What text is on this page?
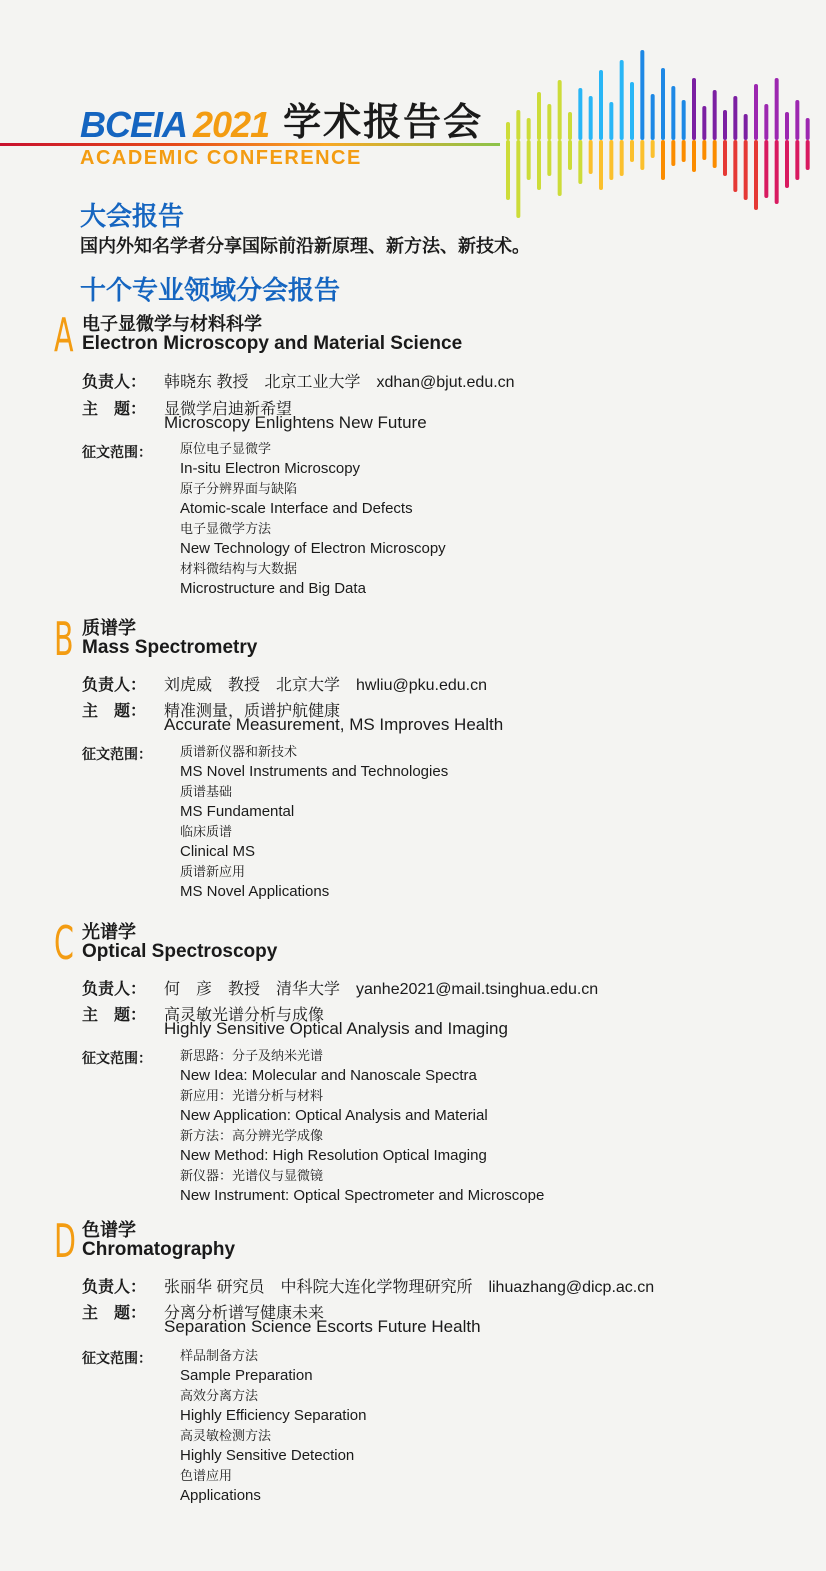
BCEIA 2021 学术报告会
ACADEMIC CONFERENCE
大会报告
国内外知名学者分享国际前沿新原理、新方法、新技术。
十个专业领域分会报告
A 电子显微学与材料科学
Electron Microscopy and Material Science
负责人： 韩晓东 教授　北京工业大学　xdhan@bjut.edu.cn
主　题： 显微学启迪新希望
Microscopy Enlightens New Future
征文范围： 原位电子显微学
In-situ Electron Microscopy
原子分辨界面与缺陷
Atomic-scale Interface and Defects
电子显微学方法
New Technology of Electron Microscopy
材料微结构与大数据
Microstructure and Big Data
B 质谱学
Mass Spectrometry
负责人： 刘虎威　教授　北京大学　hwliu@pku.edu.cn
主　题： 精准测量，质谱护航健康
Accurate Measurement, MS Improves Health
征文范围： 质谱新仪器和新技术
MS Novel Instruments and Technologies
质谱基础
MS Fundamental
临床质谱
Clinical MS
质谱新应用
MS Novel Applications
C 光谱学
Optical Spectroscopy
负责人： 何　彦　教授　清华大学　yanhe2021@mail.tsinghua.edu.cn
主　题： 高灵敏光谱分析与成像
Highly Sensitive Optical Analysis and Imaging
征文范围： 新思路：分子及纳米光谱
New Idea: Molecular and Nanoscale Spectra
新应用：光谱分析与材料
New Application: Optical Analysis and Material
新方法：高分辨光学成像
New Method: High Resolution Optical Imaging
新仪器：光谱仪与显微镜
New Instrument: Optical Spectrometer and Microscope
D 色谱学
Chromatography
负责人： 张丽华 研究员　中科院大连化学物理研究所　lihuazhang@dicp.ac.cn
主　题： 分离分析谱写健康未来
Separation Science Escorts Future Health
征文范围： 样品制备方法
Sample Preparation
高效分离方法
Highly Efficiency Separation
高灵敏检测方法
Highly Sensitive Detection
色谱应用
Applications
